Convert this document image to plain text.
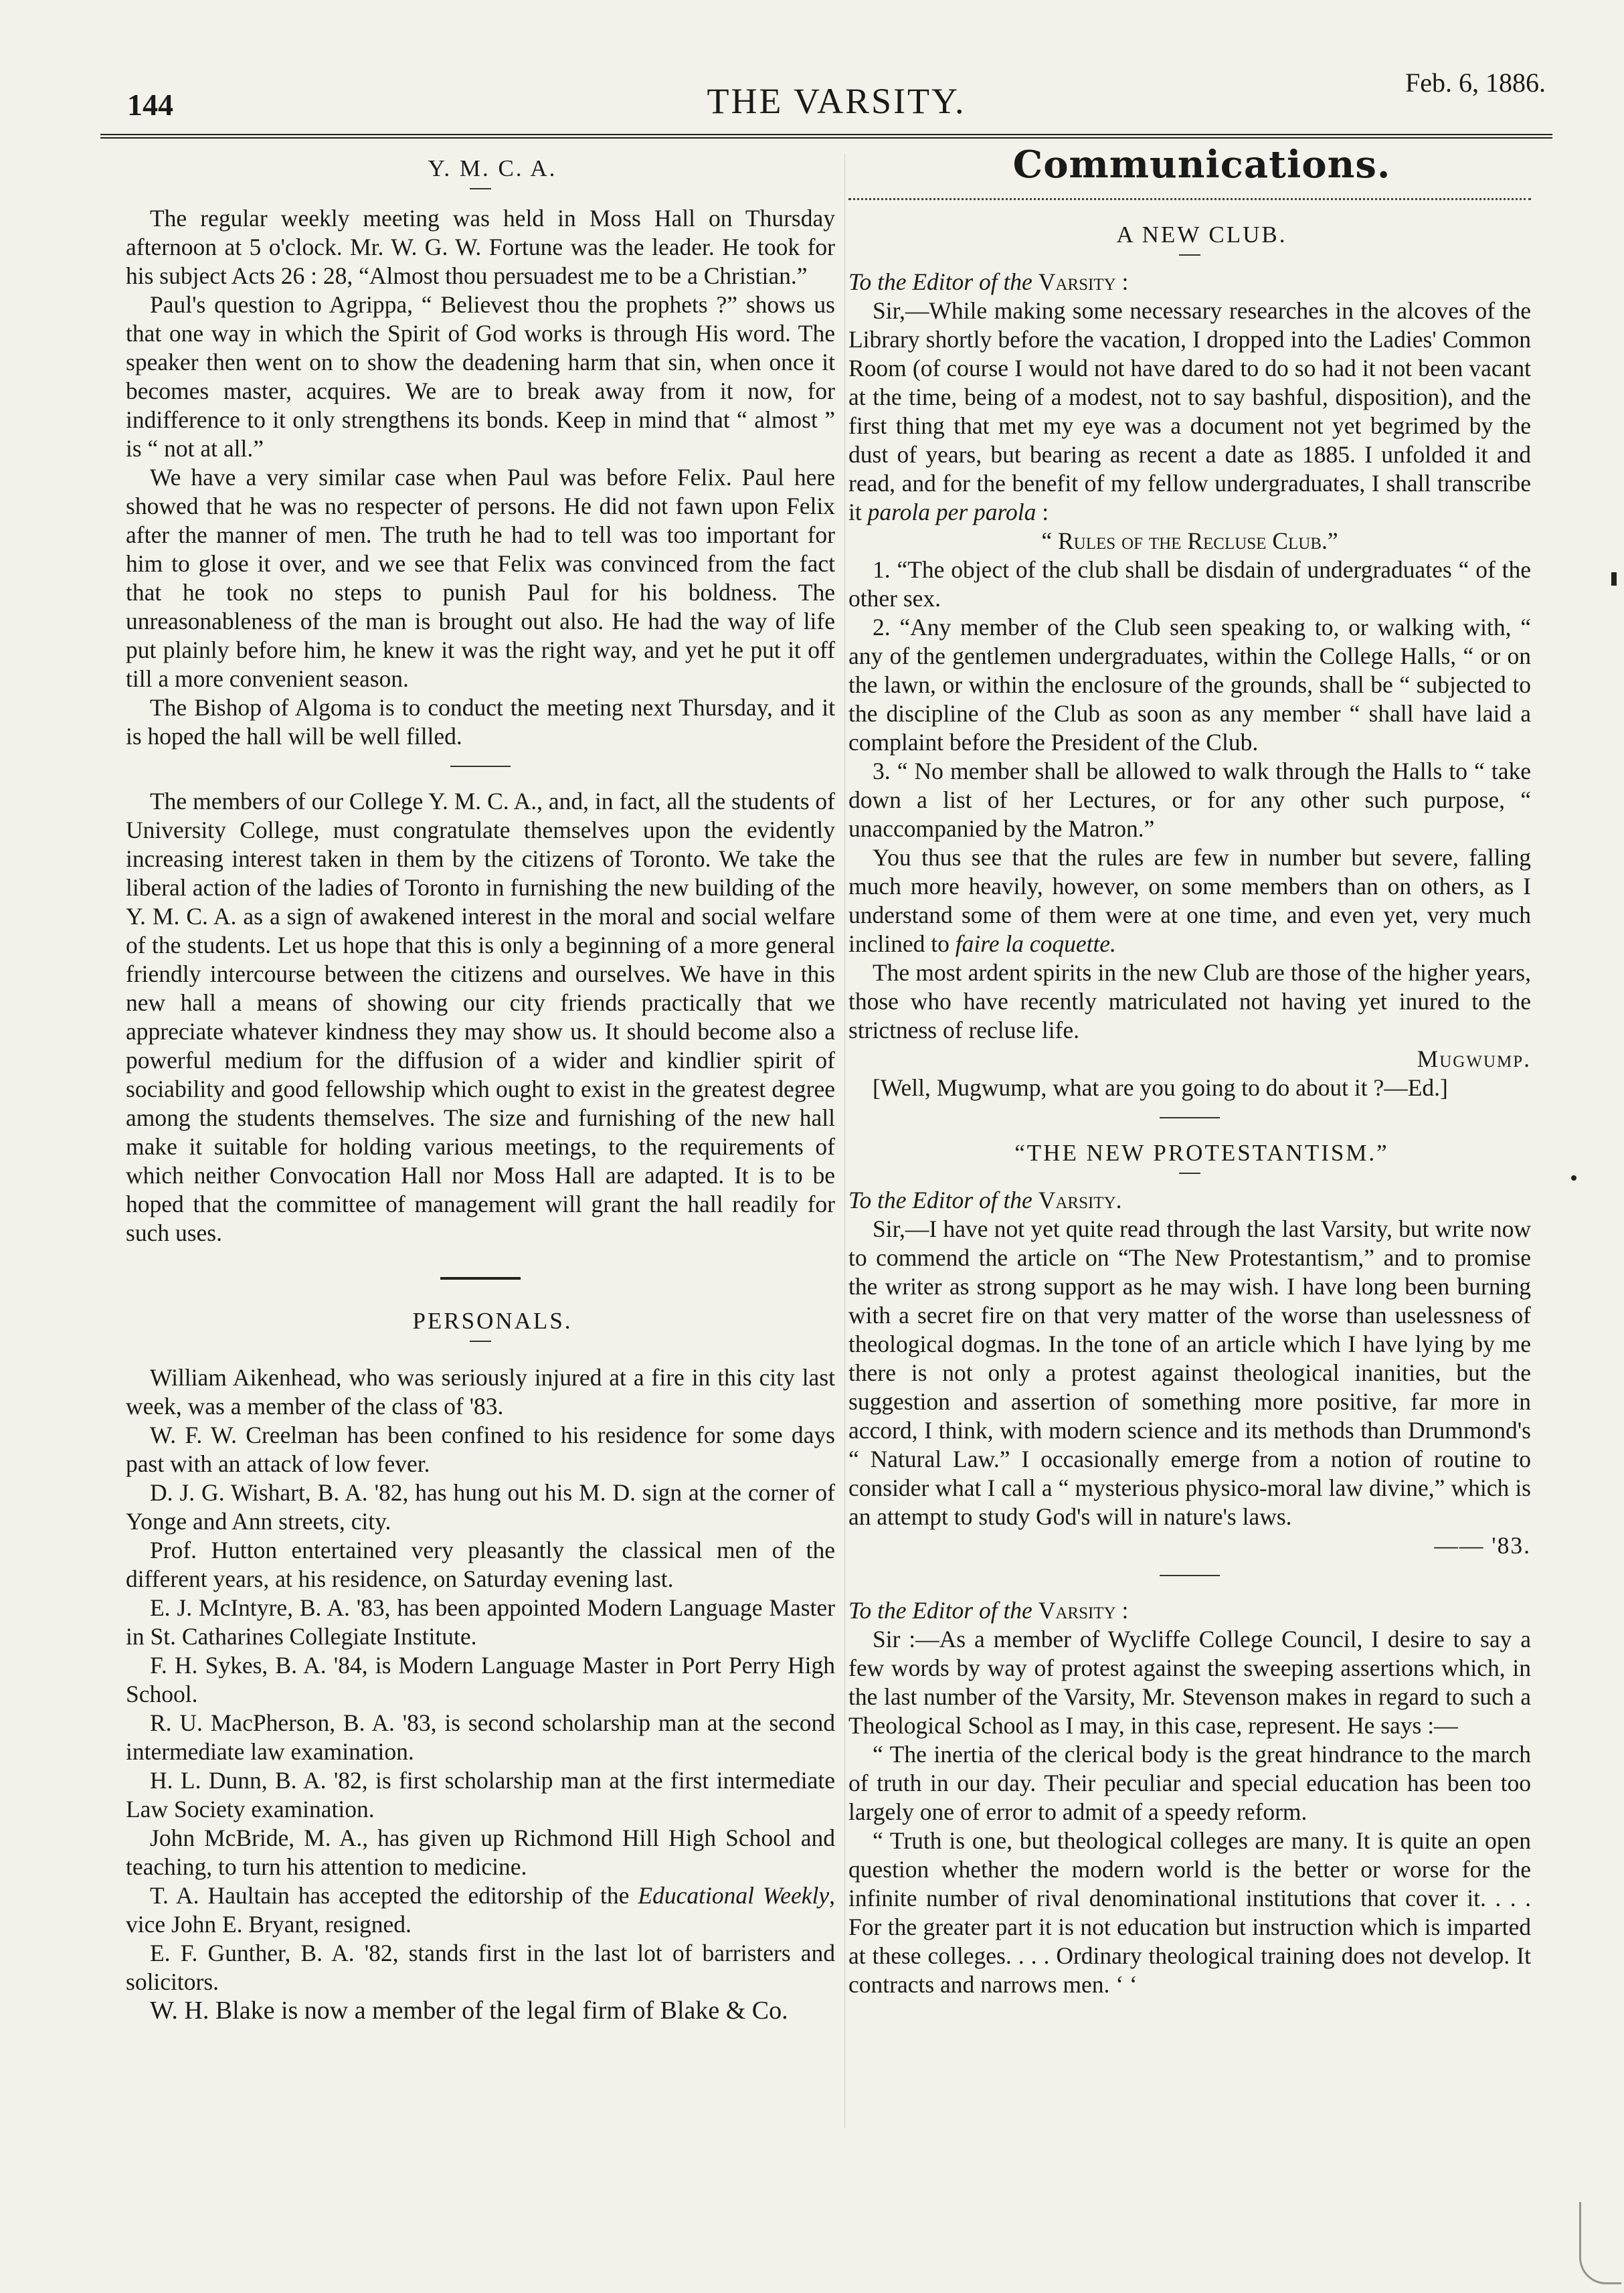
144	THE VARSITY.	Feb. 6, 1886.

Y. M. C. A.

The regular weekly meeting was held in Moss Hall on Thursday afternoon at 5 o'clock. Mr. W. G. W. Fortune was the leader. He took for his subject Acts 26 : 28, “Almost thou persuadest me to be a Christian.”

Paul's question to Agrippa, “ Believest thou the prophets ?” shows us that one way in which the Spirit of God works is through His word. The speaker then went on to show the deadening harm that sin, when once it becomes master, acquires. We are to break away from it now, for indifference to it only strengthens its bonds. Keep in mind that “ almost ” is “ not at all.”

We have a very similar case when Paul was before Felix. Paul here showed that he was no respecter of persons. He did not fawn upon Felix after the manner of men. The truth he had to tell was too important for him to glose it over, and we see that Felix was convinced from the fact that he took no steps to punish Paul for his boldness. The unreasonableness of the man is brought out also. He had the way of life put plainly before him, he knew it was the right way, and yet he put it off till a more convenient season.

The Bishop of Algoma is to conduct the meeting next Thursday, and it is hoped the hall will be well filled.

The members of our College Y. M. C. A., and, in fact, all the students of University College, must congratulate themselves upon the evidently increasing interest taken in them by the citizens of Toronto. We take the liberal action of the ladies of Toronto in furnishing the new building of the Y. M. C. A. as a sign of awakened interest in the moral and social welfare of the students. Let us hope that this is only a beginning of a more general friendly intercourse between the citizens and ourselves. We have in this new hall a means of showing our city friends practically that we appreciate whatever kindness they may show us. It should become also a powerful medium for the diffusion of a wider and kindlier spirit of sociability and good fellowship which ought to exist in the greatest degree among the students themselves. The size and furnishing of the new hall make it suitable for holding various meetings, to the requirements of which neither Convocation Hall nor Moss Hall are adapted. It is to be hoped that the committee of management will grant the hall readily for such uses.

PERSONALS.

William Aikenhead, who was seriously injured at a fire in this city last week, was a member of the class of '83.

W. F. W. Creelman has been confined to his residence for some days past with an attack of low fever.

D. J. G. Wishart, B. A. '82, has hung out his M. D. sign at the corner of Yonge and Ann streets, city.

Prof. Hutton entertained very pleasantly the classical men of the different years, at his residence, on Saturday evening last.

E. J. McIntyre, B. A. '83, has been appointed Modern Language Master in St. Catharines Collegiate Institute.

F. H. Sykes, B. A. '84, is Modern Language Master in Port Perry High School.

R. U. MacPherson, B. A. '83, is second scholarship man at the second intermediate law examination.

H. L. Dunn, B. A. '82, is first scholarship man at the first intermediate Law Society examination.

John McBride, M. A., has given up Richmond Hill High School and teaching, to turn his attention to medicine.

T. A. Haultain has accepted the editorship of the Educational Weekly, vice John E. Bryant, resigned.

E. F. Gunther, B. A. '82, stands first in the last lot of barristers and solicitors.

W. H. Blake is now a member of the legal firm of Blake & Co.

Communications.

A NEW CLUB.

To the Editor of the Varsity :

Sir,—While making some necessary researches in the alcoves of the Library shortly before the vacation, I dropped into the Ladies' Common Room (of course I would not have dared to do so had it not been vacant at the time, being of a modest, not to say bashful, disposition), and the first thing that met my eye was a document not yet begrimed by the dust of years, but bearing as recent a date as 1885. I unfolded it and read, and for the benefit of my fellow undergraduates, I shall transcribe it parola per parola :

“ Rules of the Recluse Club.”

1. “The object of the club shall be disdain of undergraduates “ of the other sex.

2. “Any member of the Club seen speaking to, or walking with, “ any of the gentlemen undergraduates, within the College Halls, “ or on the lawn, or within the enclosure of the grounds, shall be “ subjected to the discipline of the Club as soon as any member “ shall have laid a complaint before the President of the Club.

3. “ No member shall be allowed to walk through the Halls to “ take down a list of her Lectures, or for any other such purpose, “ unaccompanied by the Matron.”

You thus see that the rules are few in number but severe, falling much more heavily, however, on some members than on others, as I understand some of them were at one time, and even yet, very much inclined to faire la coquette.

The most ardent spirits in the new Club are those of the higher years, those who have recently matriculated not having yet inured to the strictness of recluse life.

Mugwump.

[Well, Mugwump, what are you going to do about it ?—Ed.]

“THE NEW PROTESTANTISM.”

To the Editor of the Varsity.

Sir,—I have not yet quite read through the last Varsity, but write now to commend the article on “The New Protestantism,” and to promise the writer as strong support as he may wish. I have long been burning with a secret fire on that very matter of the worse than uselessness of theological dogmas. In the tone of an article which I have lying by me there is not only a protest against theological inanities, but the suggestion and assertion of something more positive, far more in accord, I think, with modern science and its methods than Drummond's “ Natural Law.” I occasionally emerge from a notion of routine to consider what I call a “ mysterious physico-moral law divine,” which is an attempt to study God's will in nature's laws.

—— '83.

To the Editor of the Varsity :

Sir :—As a member of Wycliffe College Council, I desire to say a few words by way of protest against the sweeping assertions which, in the last number of the Varsity, Mr. Stevenson makes in regard to such a Theological School as I may, in this case, represent. He says :—

“ The inertia of the clerical body is the great hindrance to the march of truth in our day. Their peculiar and special education has been too largely one of error to admit of a speedy reform.

“ Truth is one, but theological colleges are many. It is quite an open question whether the modern world is the better or worse for the infinite number of rival denominational institutions that cover it. . . . For the greater part it is not education but instruction which is imparted at these colleges. . . . Ordinary theological training does not develop. It contracts and narrows men. ‘ ‘
